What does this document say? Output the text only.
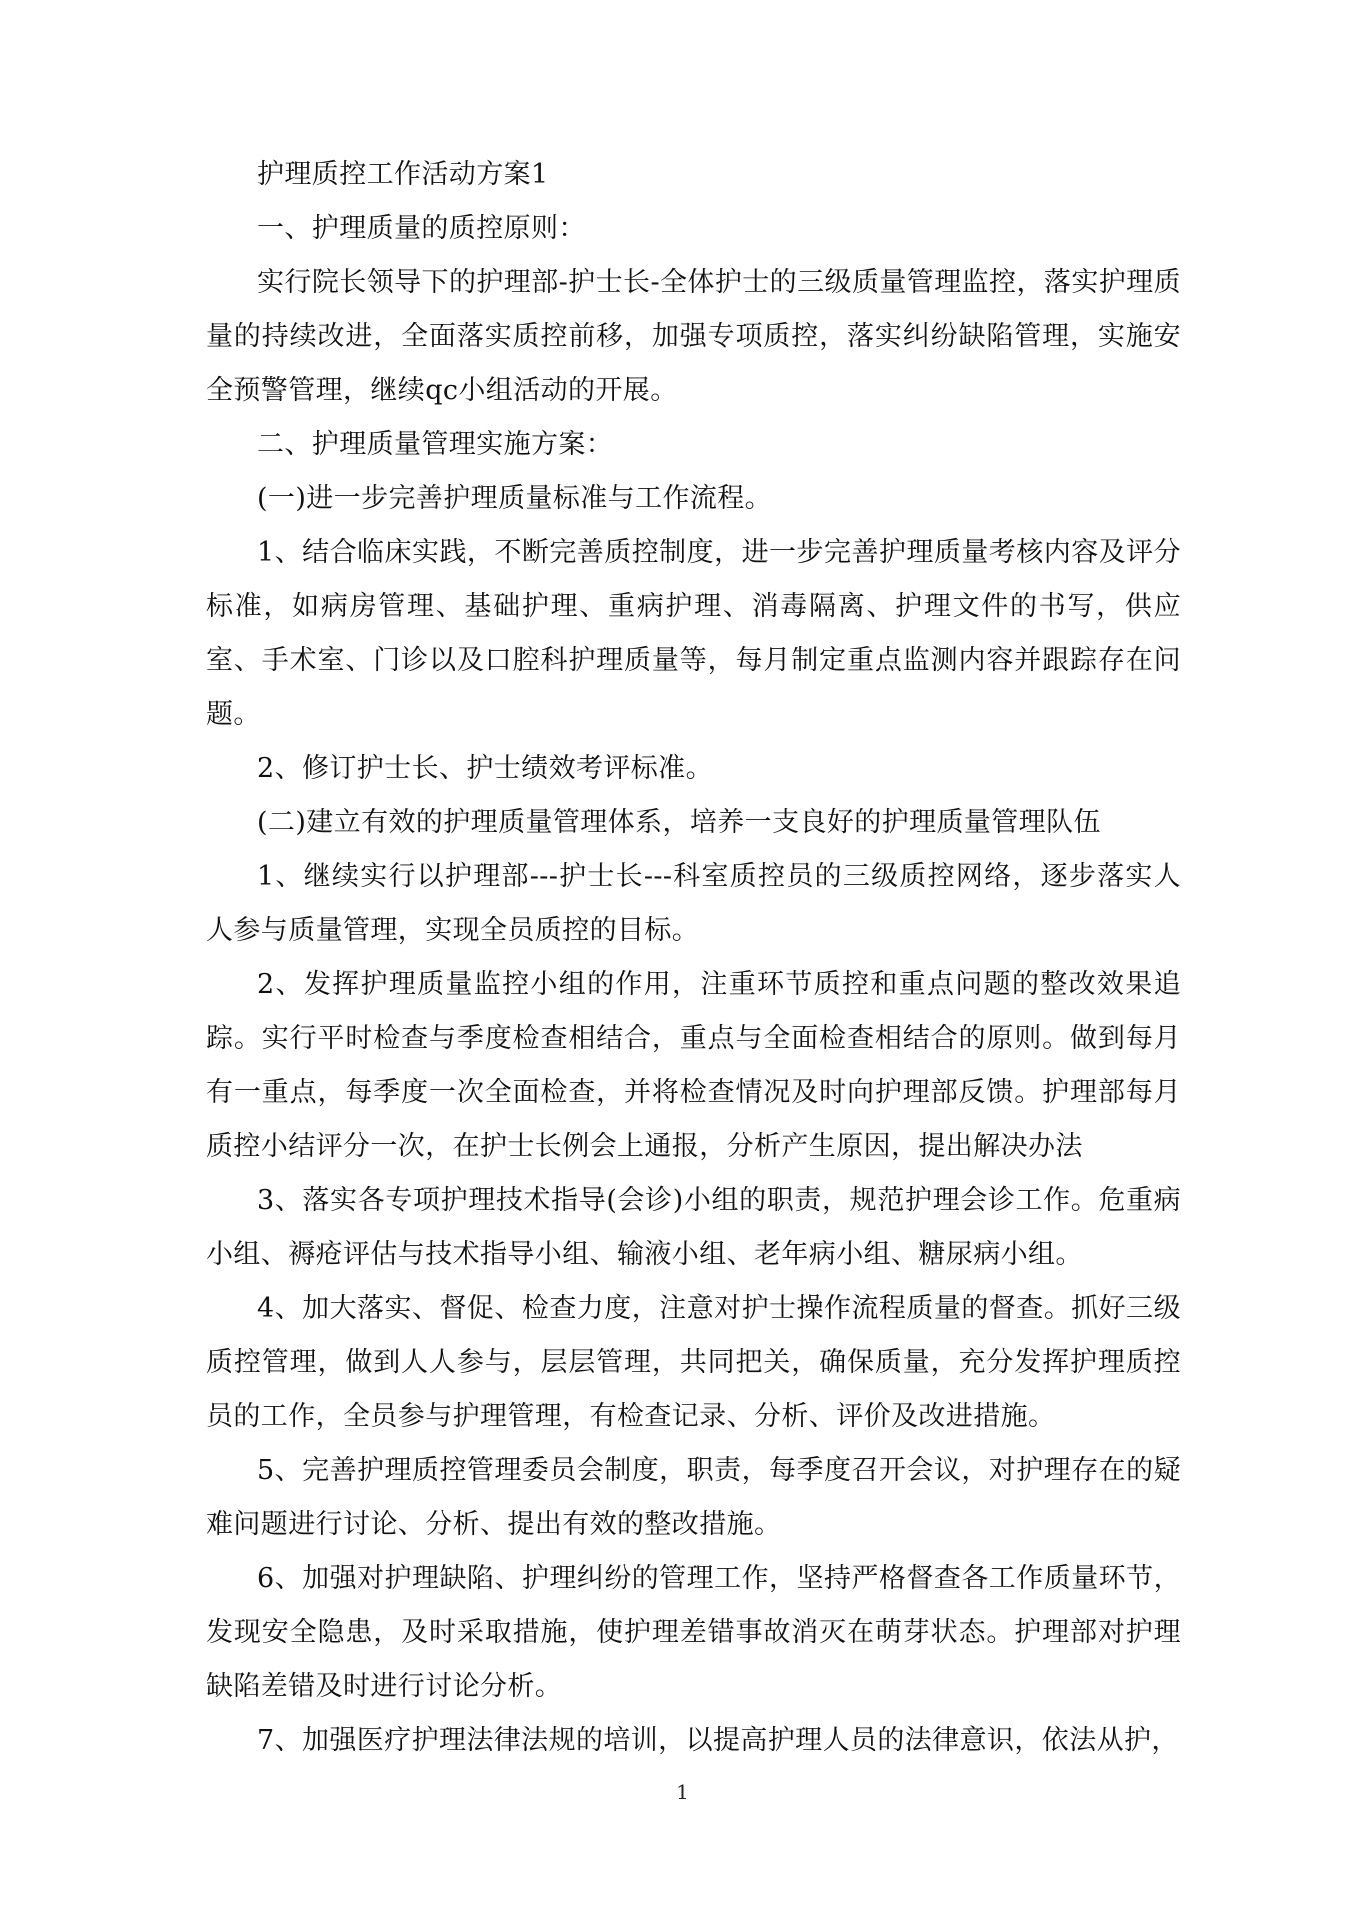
护理质控工作活动方案1

一、护理质量的质控原则：

实行院长领导下的护理部-护士长-全体护士的三级质量管理监控，落实护理质量的持续改进，全面落实质控前移，加强专项质控，落实纠纷缺陷管理，实施安全预警管理，继续qc小组活动的开展。

二、护理质量管理实施方案：

(一)进一步完善护理质量标准与工作流程。

1、结合临床实践，不断完善质控制度，进一步完善护理质量考核内容及评分标准，如病房管理、基础护理、重病护理、消毒隔离、护理文件的书写，供应室、手术室、门诊以及口腔科护理质量等，每月制定重点监测内容并跟踪存在问题。

2、修订护士长、护士绩效考评标准。

(二)建立有效的护理质量管理体系，培养一支良好的护理质量管理队伍

1、继续实行以护理部---护士长---科室质控员的三级质控网络，逐步落实人人参与质量管理，实现全员质控的目标。

2、发挥护理质量监控小组的作用，注重环节质控和重点问题的整改效果追踪。实行平时检查与季度检查相结合，重点与全面检查相结合的原则。做到每月有一重点，每季度一次全面检查，并将检查情况及时向护理部反馈。护理部每月质控小结评分一次，在护士长例会上通报，分析产生原因，提出解决办法

3、落实各专项护理技术指导(会诊)小组的职责，规范护理会诊工作。危重病小组、褥疮评估与技术指导小组、输液小组、老年病小组、糖尿病小组。

4、加大落实、督促、检查力度，注意对护士操作流程质量的督查。抓好三级质控管理，做到人人参与，层层管理，共同把关，确保质量，充分发挥护理质控员的工作，全员参与护理管理，有检查记录、分析、评价及改进措施。

5、完善护理质控管理委员会制度，职责，每季度召开会议，对护理存在的疑难问题进行讨论、分析、提出有效的整改措施。

6、加强对护理缺陷、护理纠纷的管理工作，坚持严格督查各工作质量环节，发现安全隐患，及时采取措施，使护理差错事故消灭在萌芽状态。护理部对护理缺陷差错及时进行讨论分析。

7、加强医疗护理法律法规的培训，以提高护理人员的法律意识，依法从护，

1
